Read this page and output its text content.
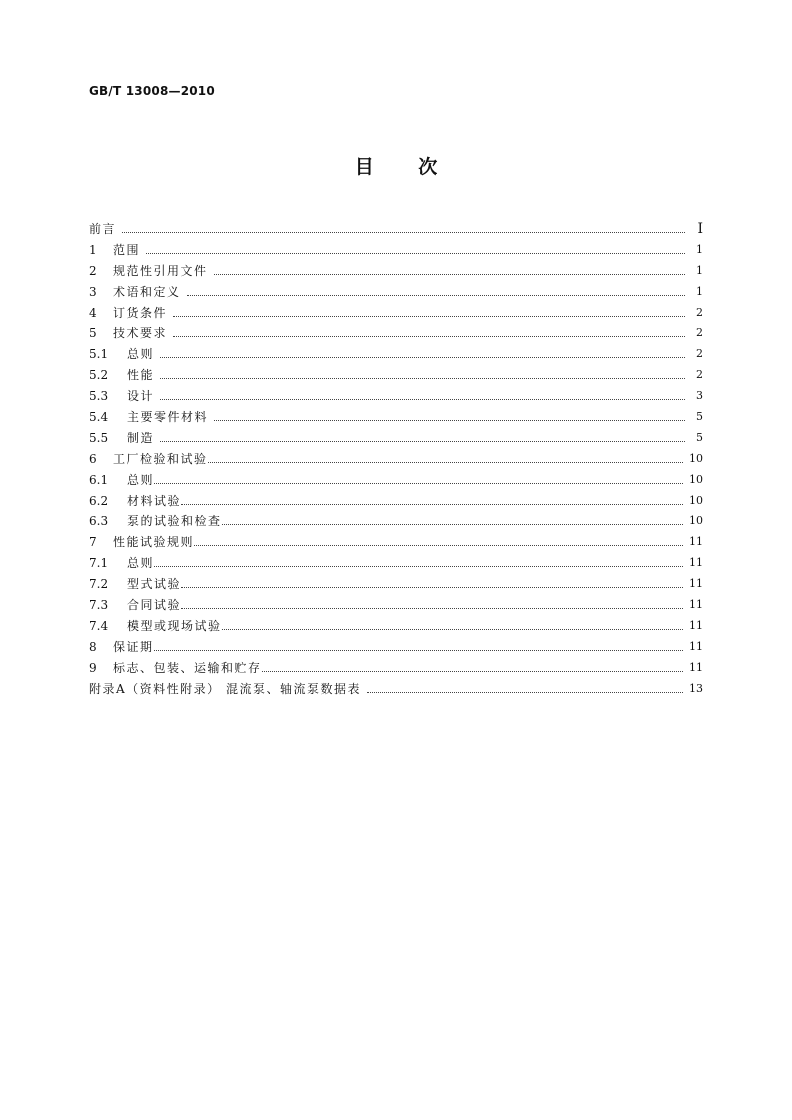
GB/T 13008—2010
目 次
前言	Ⅰ
1	范围	1
2	规范性引用文件	1
3	术语和定义	1
4	订货条件	2
5	技术要求	2
5.1	总则	2
5.2	性能	2
5.3	设计	3
5.4	主要零件材料	5
5.5	制造	5
6	工厂检验和试验	10
6.1	总则	10
6.2	材料试验	10
6.3	泵的试验和检查	10
7	性能试验规则	11
7.1	总则	11
7.2	型式试验	11
7.3	合同试验	11
7.4	模型或现场试验	11
8	保证期	11
9	标志、包装、运输和贮存	11
附录A（资料性附录） 混流泵、轴流泵数据表	13
